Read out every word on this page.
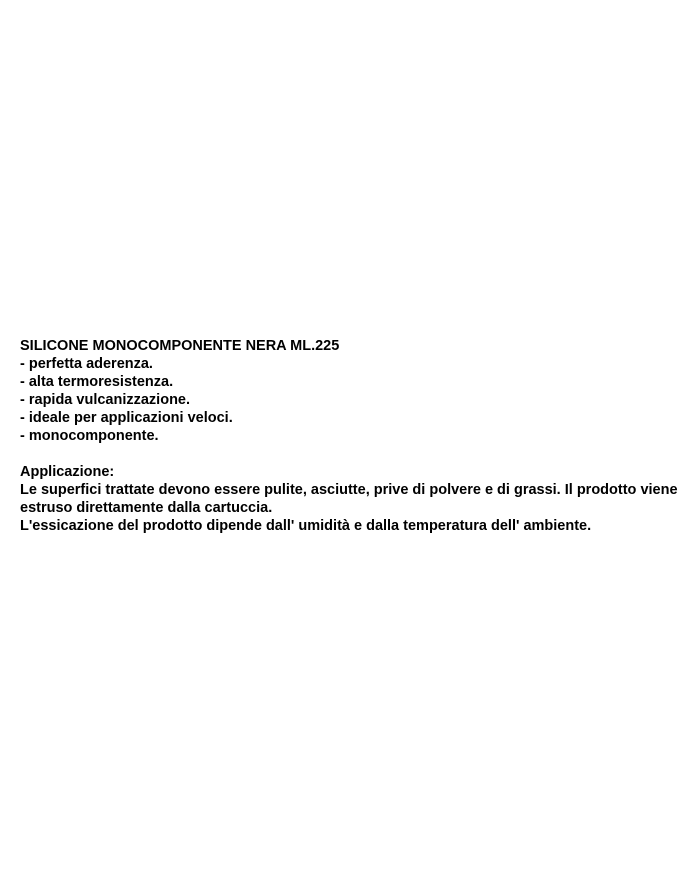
SILICONE MONOCOMPONENTE NERA ML.225
- perfetta aderenza.
- alta termoresistenza.
- rapida vulcanizzazione.
- ideale per applicazioni veloci.
- monocomponente.
Applicazione:
Le superfici trattate devono essere pulite, asciutte, prive di polvere e di grassi. Il prodotto viene estruso direttamente dalla cartuccia.
L'essicazione del prodotto dipende dall' umidità e dalla temperatura dell' ambiente.
